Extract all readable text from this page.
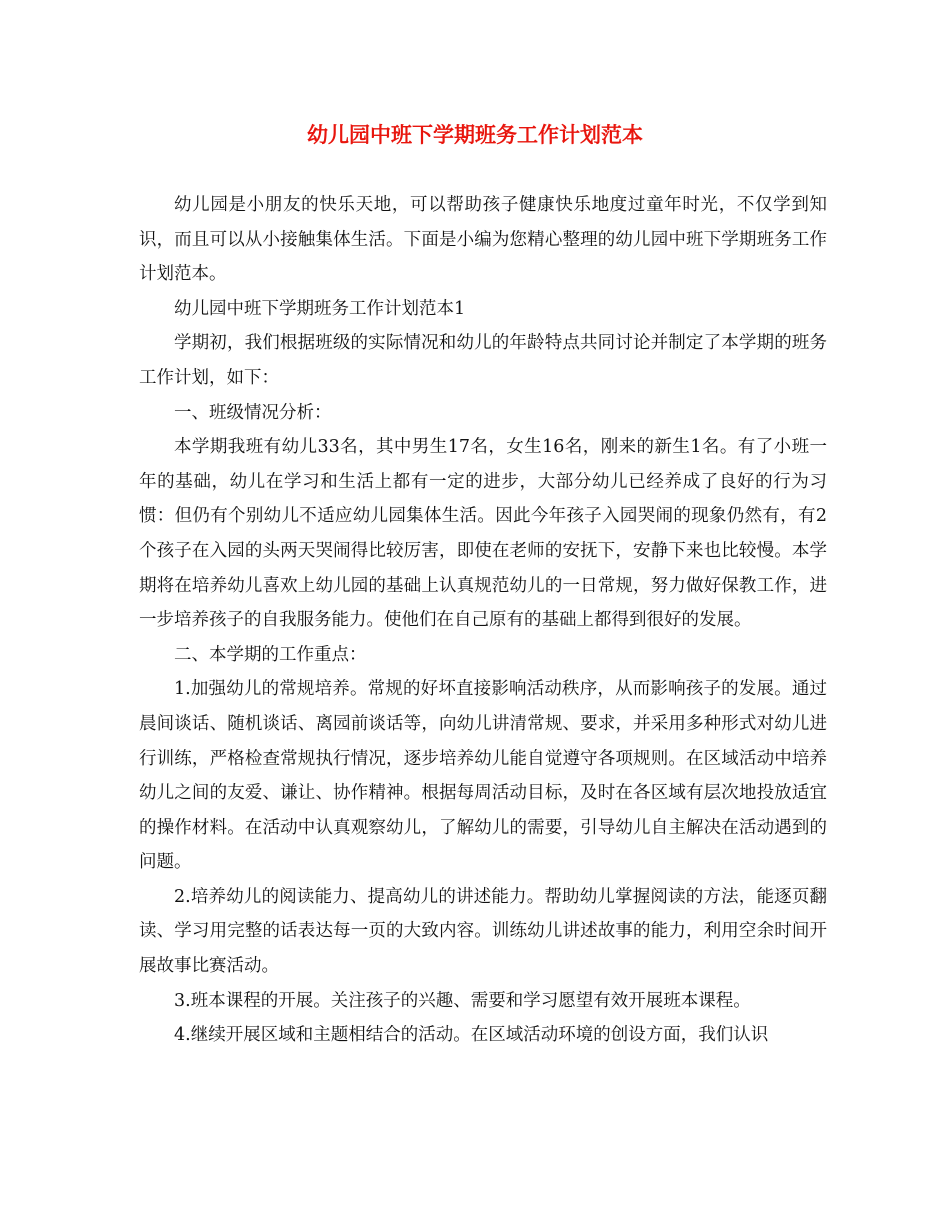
幼儿园中班下学期班务工作计划范本

幼儿园是小朋友的快乐天地，可以帮助孩子健康快乐地度过童年时光，不仅学到知识，而且可以从小接触集体生活。下面是小编为您精心整理的幼儿园中班下学期班务工作计划范本。

幼儿园中班下学期班务工作计划范本1

学期初，我们根据班级的实际情况和幼儿的年龄特点共同讨论并制定了本学期的班务工作计划，如下：

一、班级情况分析：

本学期我班有幼儿33名，其中男生17名，女生16名，刚来的新生1名。有了小班一年的基础，幼儿在学习和生活上都有一定的进步，大部分幼儿已经养成了良好的行为习惯：但仍有个别幼儿不适应幼儿园集体生活。因此今年孩子入园哭闹的现象仍然有，有2个孩子在入园的头两天哭闹得比较厉害，即使在老师的安抚下，安静下来也比较慢。本学期将在培养幼儿喜欢上幼儿园的基础上认真规范幼儿的一日常规，努力做好保教工作，进一步培养孩子的自我服务能力。使他们在自己原有的基础上都得到很好的发展。

二、本学期的工作重点：

1.加强幼儿的常规培养。常规的好坏直接影响活动秩序，从而影响孩子的发展。通过晨间谈话、随机谈话、离园前谈话等，向幼儿讲清常规、要求，并采用多种形式对幼儿进行训练，严格检查常规执行情况，逐步培养幼儿能自觉遵守各项规则。在区域活动中培养幼儿之间的友爱、谦让、协作精神。根据每周活动目标，及时在各区域有层次地投放适宜的操作材料。在活动中认真观察幼儿，了解幼儿的需要，引导幼儿自主解决在活动遇到的问题。

2.培养幼儿的阅读能力、提高幼儿的讲述能力。帮助幼儿掌握阅读的方法，能逐页翻读、学习用完整的话表达每一页的大致内容。训练幼儿讲述故事的能力，利用空余时间开展故事比赛活动。

3.班本课程的开展。关注孩子的兴趣、需要和学习愿望有效开展班本课程。

4.继续开展区域和主题相结合的活动。在区域活动环境的创设方面，我们认识
